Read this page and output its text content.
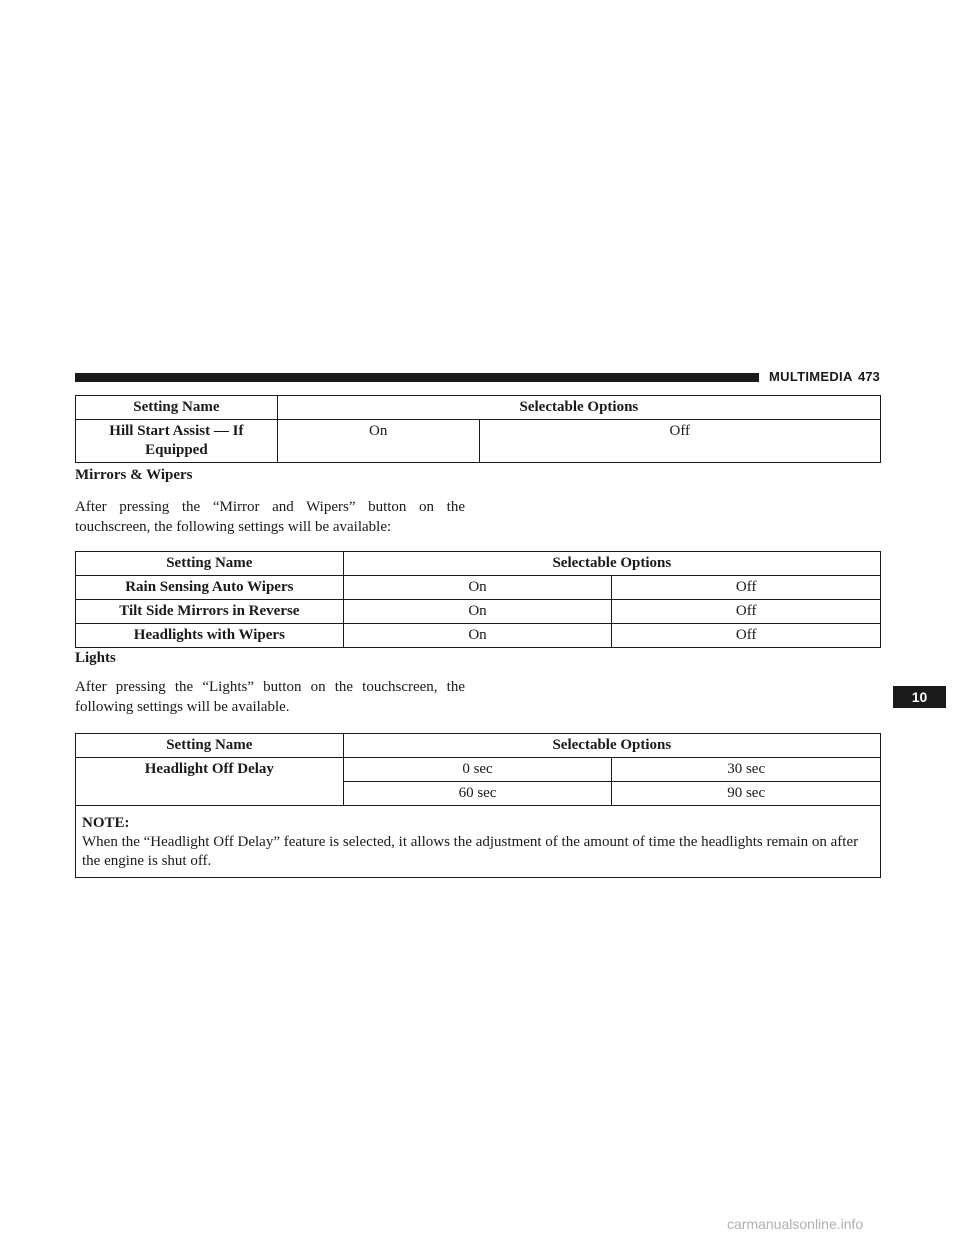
MULTIMEDIA 473
Setting Name	Selectable Options	
Hill Start Assist — If Equipped	On	Off
Mirrors & Wipers
After pressing the “Mirror and Wipers” button on the touchscreen, the following settings will be available:
Setting Name	Selectable Options	
Rain Sensing Auto Wipers	On	Off
Tilt Side Mirrors in Reverse	On	Off
Headlights with Wipers	On	Off
Lights
After pressing the “Lights” button on the touchscreen, the following settings will be available.
Setting Name	Selectable Options	
Headlight Off Delay	0 sec	30 sec
	60 sec	90 sec

NOTE:
When the “Headlight Off Delay” feature is selected, it allows the adjustment of the amount of time the headlights remain on after the engine is shut off.		
10
carmanualsonline.info
